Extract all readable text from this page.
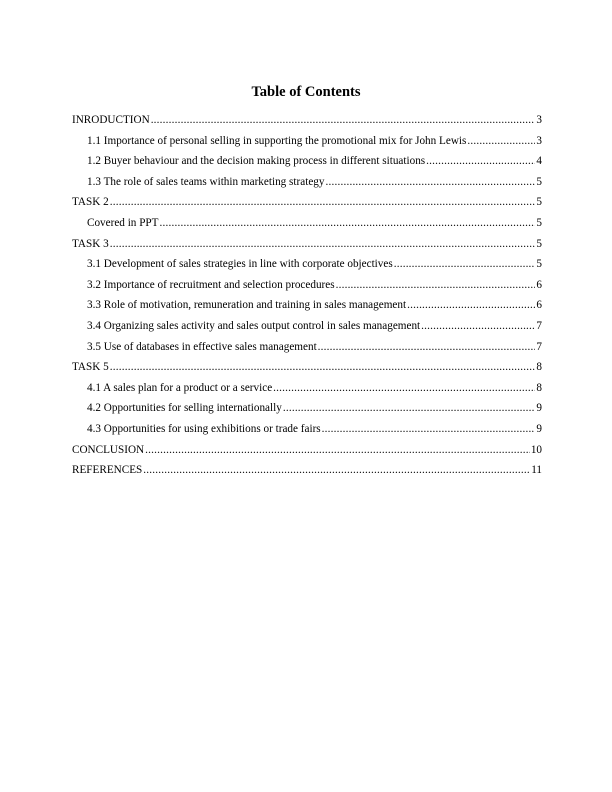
Table of Contents
INRODUCTION .....	3
1.1 Importance of personal selling in supporting the promotional mix for John Lewis .....	3
1.2 Buyer behaviour and the decision making process in different situations .....	4
1.3 The role of sales teams within marketing strategy .....	5
TASK 2 .....	5
Covered in PPT .....	5
TASK 3 .....	5
3.1 Development of sales strategies in line with corporate objectives .....	5
3.2 Importance of recruitment and selection procedures .....	6
3.3 Role of motivation, remuneration and training in sales management .....	6
3.4 Organizing sales activity and sales output control in sales management .....	7
3.5 Use of databases in effective sales management .....	7
TASK 5 .....	8
4.1 A sales plan for a product or a service .....	8
4.2 Opportunities for selling internationally .....	9
4.3 Opportunities for using exhibitions or trade fairs .....	9
CONCLUSION .....	10
REFERENCES .....	11
